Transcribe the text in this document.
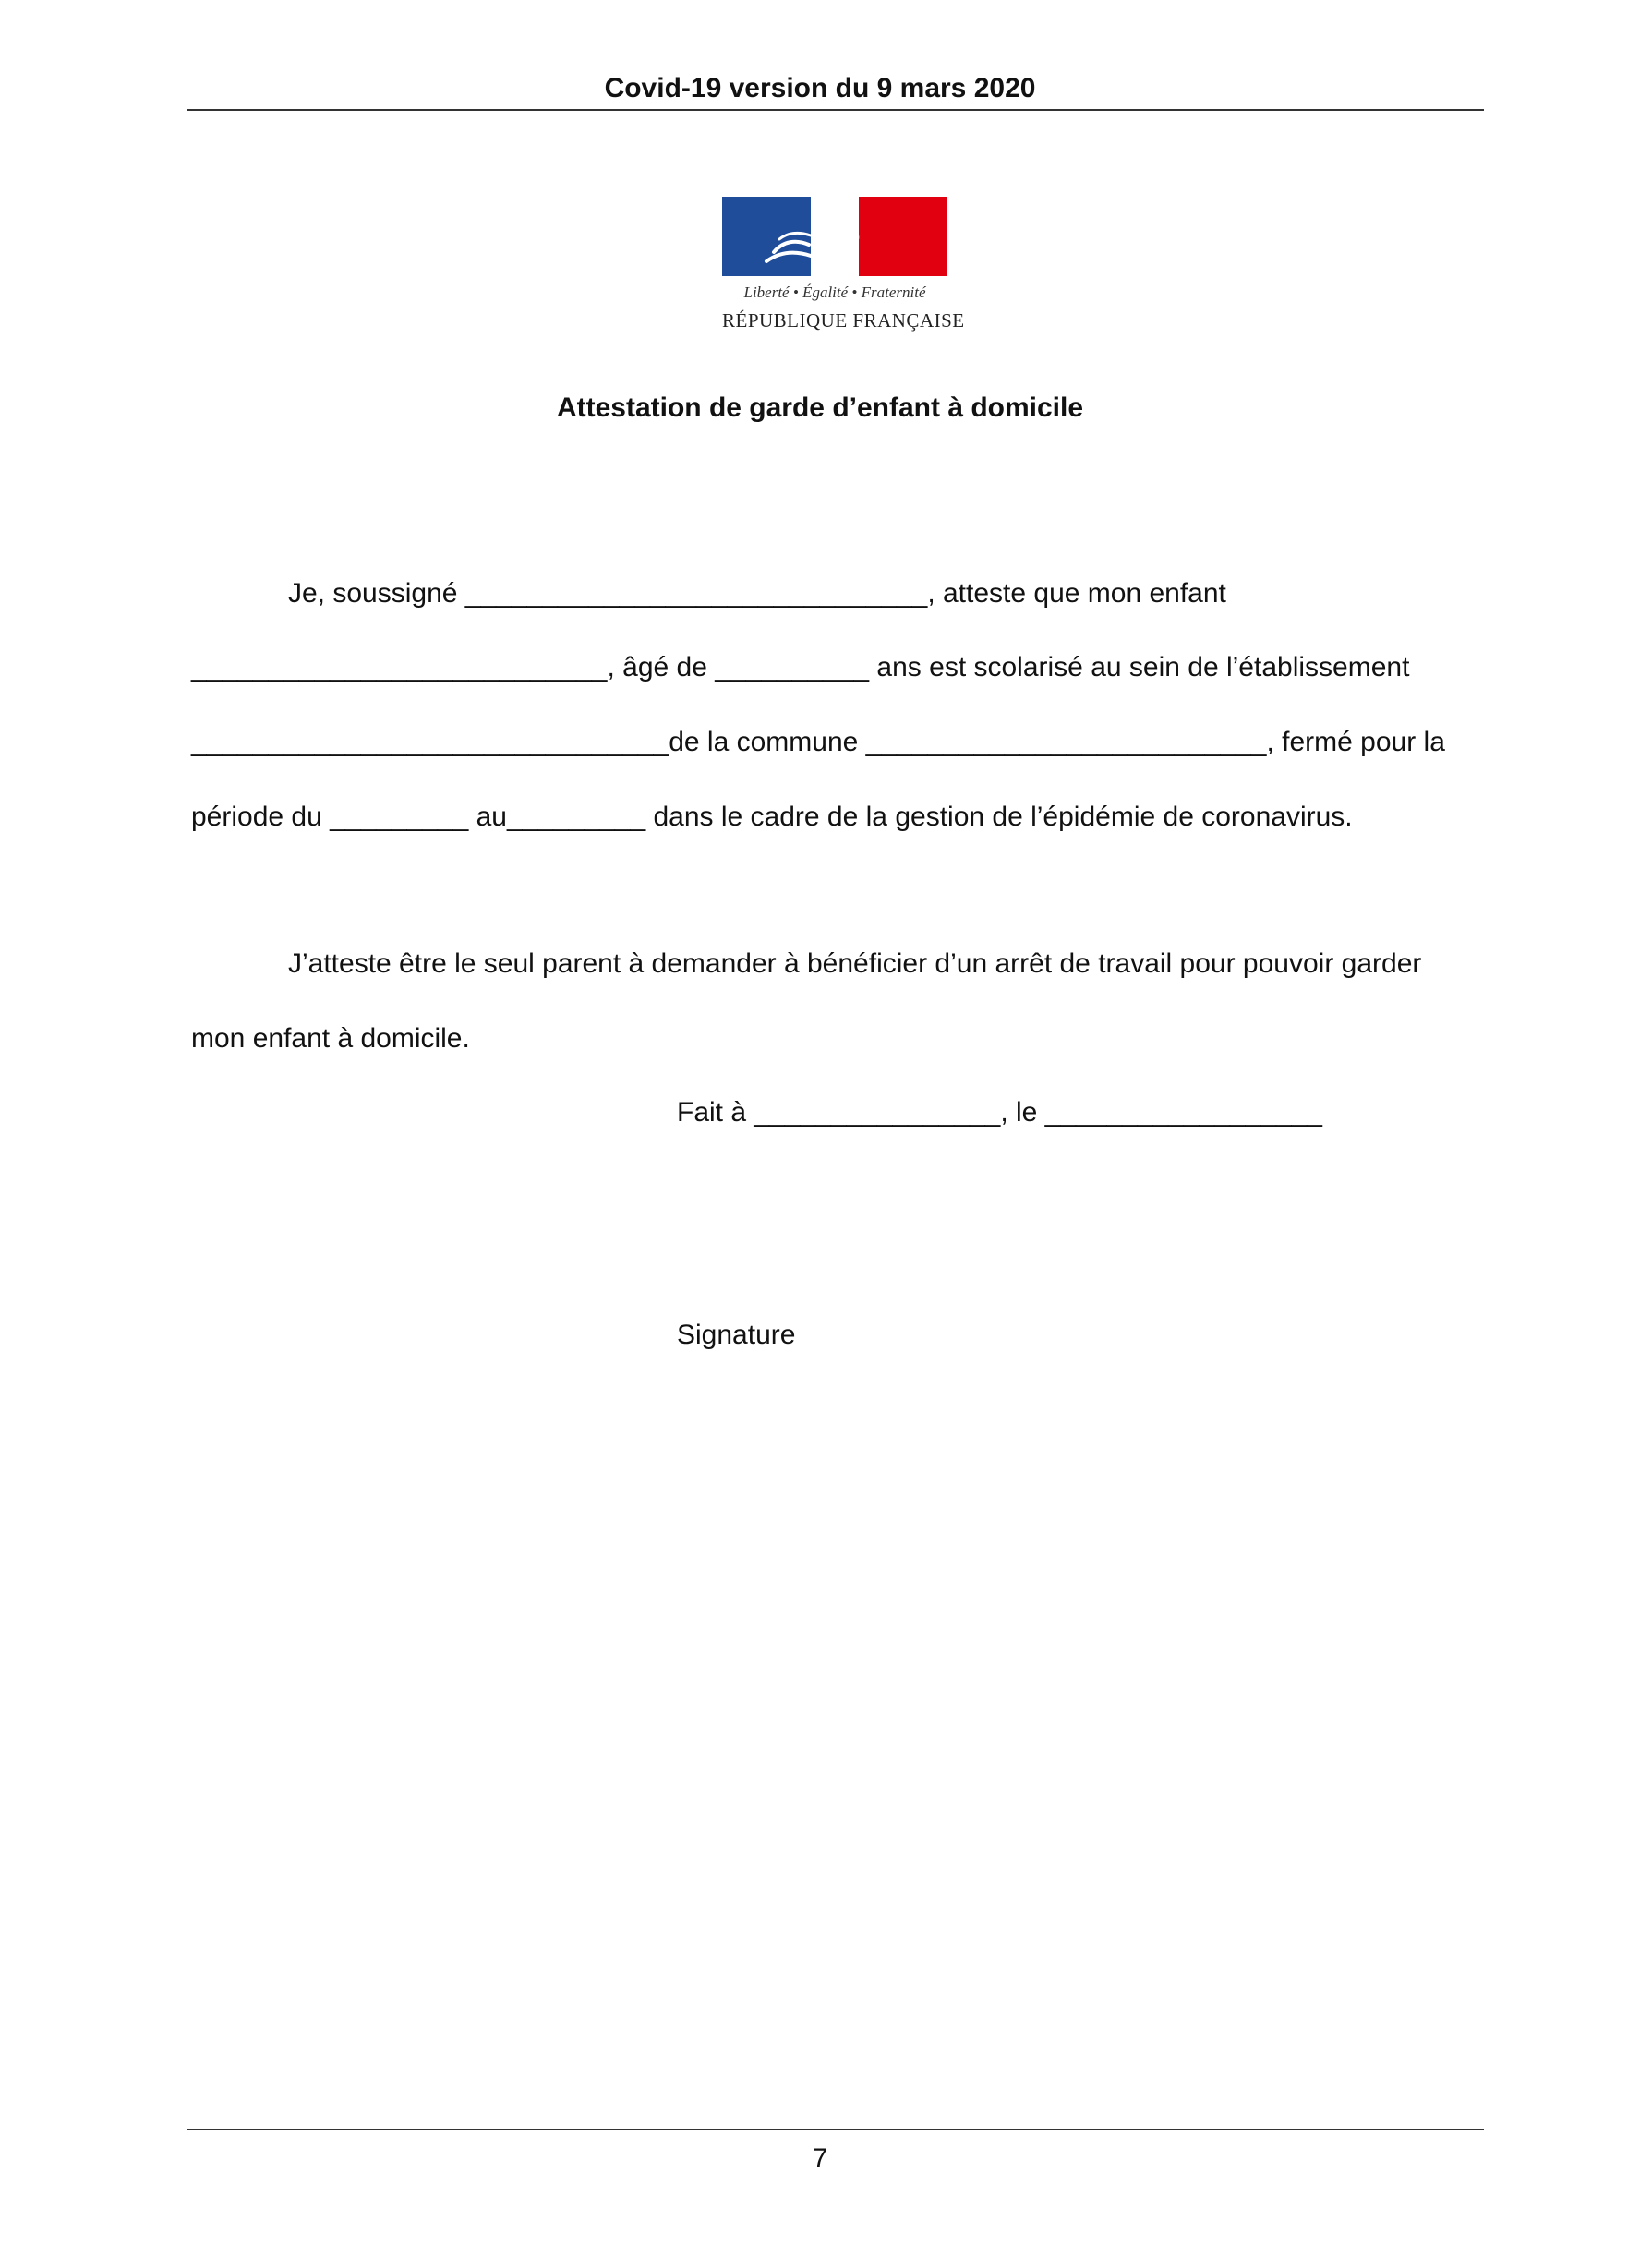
Covid-19 version du 9 mars 2020
Liberté • Égalité • Fraternité
RÉPUBLIQUE FRANÇAISE
Attestation de garde d’enfant à domicile
Je, soussigné ______________________________, atteste que mon enfant
___________________________, âgé de __________ ans est scolarisé au sein de l’établissement
_______________________________de la commune __________________________, fermé pour la
période du _________ au_________ dans le cadre de la gestion de l’épidémie de coronavirus.
J’atteste être le seul parent à demander à bénéficier d’un arrêt de travail pour pouvoir garder
mon enfant à domicile.
Fait à ________________, le __________________
Signature
7
